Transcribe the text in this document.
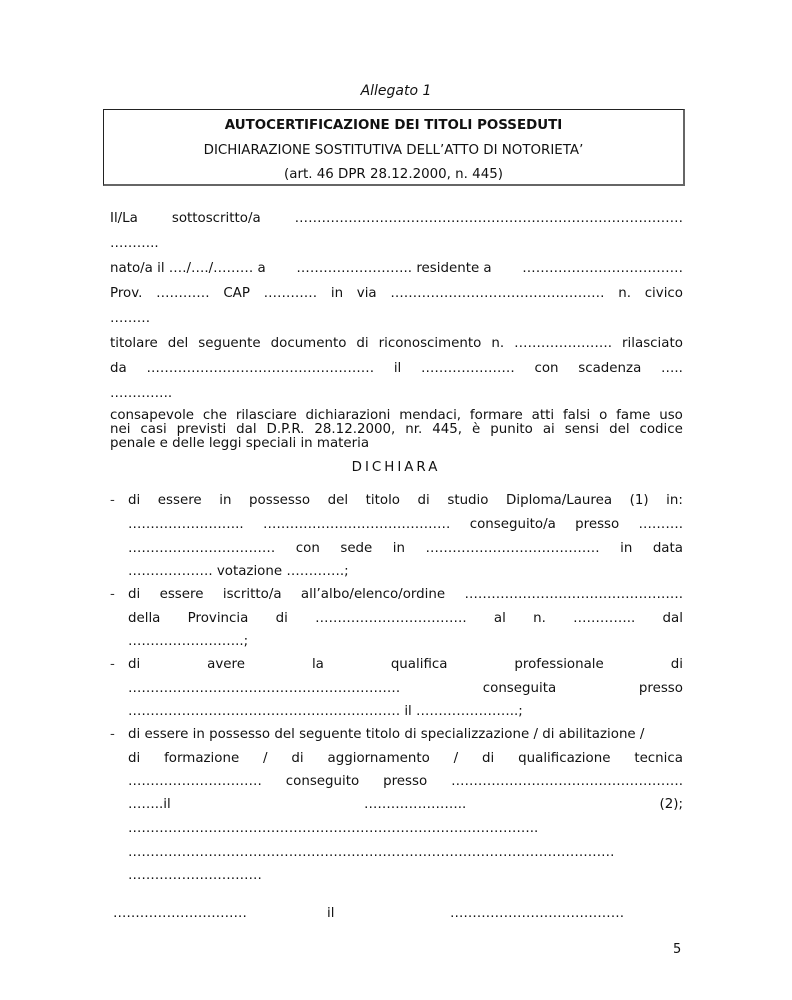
Allegato 1
AUTOCERTIFICAZIONE DEI TITOLI POSSEDUTI
DICHIARAZIONE SOSTITUTIVA DELL’ATTO DI NOTORIETA’
(art. 46 DPR 28.12.2000, n. 445)
Il/La	sottoscritto/a	……………………………………………………………………………
………..
nato/a il …./…./……… a …………………….. residente a ………………………………
Prov. ………… CAP ………… in via ………………………………………… n. civico
………
titolare del seguente documento di riconoscimento n. …………………. rilasciato
da …………………………………………… il ………………… con scadenza …..
…………..
consapevole che rilasciare dichiarazioni mendaci, formare atti falsi o fame uso
nei casi previsti dal D.P.R. 28.12.2000, nr. 445, è punito ai sensi del codice
penale e delle leggi speciali in materia
DICHIARA
- di essere in possesso del titolo di studio Diploma/Laurea (1) in:
…………………….. …………………………………… conseguito/a presso ……….
…………………………… con sede in ………………………………… in data
………………. votazione ………….;
- di essere iscritto/a all’albo/elenco/ordine ………………………………………….
della Provincia di ……………………………. al n. ………….. dal
……………………..;
- di	avere	la	qualifica	professionale	di
…………………………………………………….	conseguita	presso
……………………………………………………. il …………………..;
- di essere in possesso del seguente titolo di specializzazione / di abilitazione /
di formazione / di aggiornamento / di qualificazione tecnica
………………………… conseguito presso …………………………………………….
……..il	…………………..	(2);
………………………………………………………………………………..
……………………………………………………………………………………………….
…………………………
…………………………	il	…………………………………
5
